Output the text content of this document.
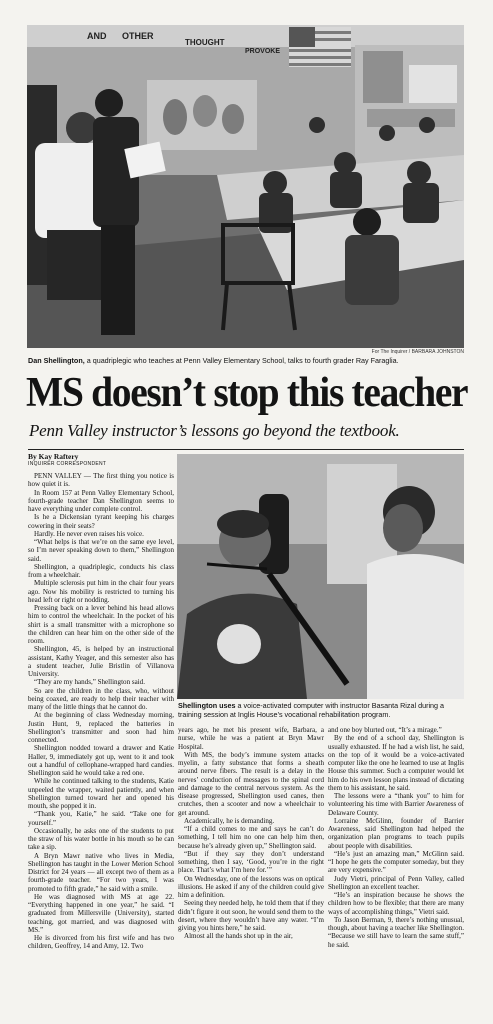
AND OTHER
THOUGHT
PROVOKE
For The Inquirer / BARBARA JOHNSTON
Dan Shellington, a quadriplegic who teaches at Penn Valley Elementary School, talks to fourth grader Ray Faraglia.
MS doesn’t stop this teacher
Penn Valley instructor’s lessons go beyond the textbook.
By Kay Raftery
INQUIRER CORRESPONDENT

PENN VALLEY — The first thing you notice is how quiet it is.

In Room 157 at Penn Valley Elementary School, fourth-grade teacher Dan Shellington seems to have everything under complete control.

Is he a Dickensian tyrant keeping his charges cowering in their seats?

Hardly. He never even raises his voice.

“What helps is that we’re on the same eye level, so I’m never speaking down to them,” Shellington said.

Shellington, a quadriplegic, conducts his class from a wheelchair.

Multiple sclerosis put him in the chair four years ago. Now his mobility is restricted to turning his head left or right or nodding.

Pressing back on a lever behind his head allows him to control the wheelchair. In the pocket of his shirt is a small transmitter with a microphone so the children can hear him on the other side of the room.

Shellington, 45, is helped by an instructional assistant, Kathy Yeager, and this semester also has a student teacher, Julie Bristlin of Villanova University.

“They are my hands,” Shellington said.

So are the children in the class, who, without being coaxed, are ready to help their teacher with many of the little things that he cannot do.

At the beginning of class Wednesday morning, Justin Hunt, 9, replaced the batteries in Shellington’s transmitter and soon had him connected.

Shellington nodded toward a drawer and Katie Haller, 9, immediately got up, went to it and took out a handful of cellophane-wrapped hard candies. Shellington said he would take a red one.

While he continued talking to the students, Katie unpeeled the wrapper, waited patiently, and when Shellington turned toward her and opened his mouth, she popped it in.

“Thank you, Katie,” he said. “Take one for yourself.”

Occasionally, he asks one of the students to put the straw of his water bottle in his mouth so he can take a sip.

A Bryn Mawr native who lives in Media, Shellington has taught in the Lower Merion School District for 24 years — all except two of them as a fourth-grade teacher. “For two years, I was promoted to fifth grade,” he said with a smile.

He was diagnosed with MS at age 22. “Everything happened in one year,” he said. “I graduated from Millersville (University), started teaching, got married, and was diagnosed with MS.”

He is divorced from his first wife and has two children, Geoffrey, 14 and Amy, 12. Two

Shellington uses a voice-activated computer with instructor Basanta Rizal during a training session at Inglis House’s vocational rehabilitation program.

years ago, he met his present wife, Barbara, a nurse, while he was a patient at Bryn Mawr Hospital.

With MS, the body’s immune system attacks myelin, a fatty substance that forms a sheath around nerve fibers. The result is a delay in the nerves’ conduction of messages to the spinal cord and damage to the central nervous system. As the disease progressed, Shellington used canes, then crutches, then a scooter and now a wheelchair to get around.

Academically, he is demanding.

“If a child comes to me and says he can’t do something, I tell him no one can help him then, because he’s already given up,” Shellington said.

“But if they say they don’t understand something, then I say, ‘Good, you’re in the right place. That’s what I’m here for.’”

On Wednesday, one of the lessons was on optical illusions. He asked if any of the children could give him a definition.

Seeing they needed help, he told them that if they didn’t figure it out soon, he would send them to the desert, where they wouldn’t have any water. “I’m giving you hints here,” he said.

Almost all the hands shot up in the air,

and one boy blurted out, “It’s a mirage.”

By the end of a school day, Shellington is usually exhausted. If he had a wish list, he said, on the top of it would be a voice-activated computer like the one he learned to use at Inglis House this summer. Such a computer would let him do his own lesson plans instead of dictating them to his assistant, he said.

The lessons were a “thank you” to him for volunteering his time with Barrier Awareness of Delaware County.

Lorraine McGlinn, founder of Barrier Awareness, said Shellington had helped the organization plan programs to teach pupils about people with disabilities.

“He’s just an amazing man,” McGlinn said. “I hope he gets the computer someday, but they are very expensive.”

Judy Vietri, principal of Penn Valley, called Shellington an excellent teacher.

“He’s an inspiration because he shows the children how to be flexible; that there are many ways of accomplishing things,” Vietri said.

To Jason Berman, 9, there’s nothing unusual, though, about having a teacher like Shellington. “Because we still have to learn the same stuff,” he said.
